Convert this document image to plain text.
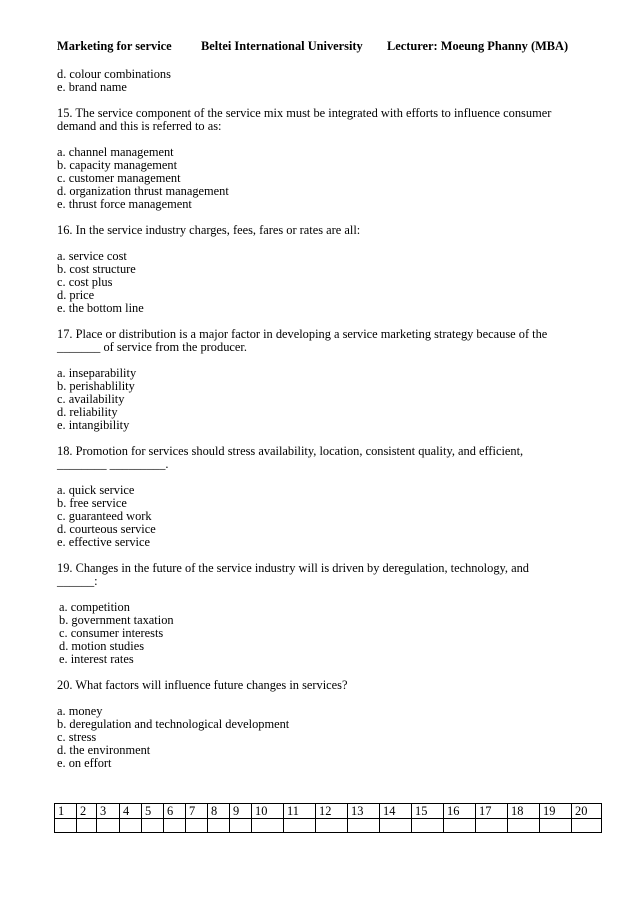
Marketing for service	Beltei International University	Lecturer: Moeung Phanny (MBA)
d. colour combinations
e. brand name
15. The service component of the service mix must be integrated with efforts to influence consumer
demand and this is referred to as:
a. channel management
b. capacity management
c. customer management
d. organization thrust management
e. thrust force management
16. In the service industry charges, fees, fares or rates are all:
a. service cost
b. cost structure
c. cost plus
d. price
e. the bottom line
17. Place or distribution is a major factor in developing a service marketing strategy because of the
_______ of service from the producer.
a. inseparability
b. perishablility
c. availability
d. reliability
e. intangibility
18. Promotion for services should stress availability, location, consistent quality, and efficient,
________ _________.
a. quick service
b. free service
c. guaranteed work
d. courteous service
e. effective service
19. Changes in the future of the service industry will is driven by deregulation, technology, and
______:
a. competition
b. government taxation
c. consumer interests
d. motion studies
e. interest rates
20. What factors will influence future changes in services?
a. money
b. deregulation and technological development
c. stress
d. the environment
e. on effort
1	2	3	4	5	6	7	8	9	10	11	12	13	14	15	16	17	18	19	20
